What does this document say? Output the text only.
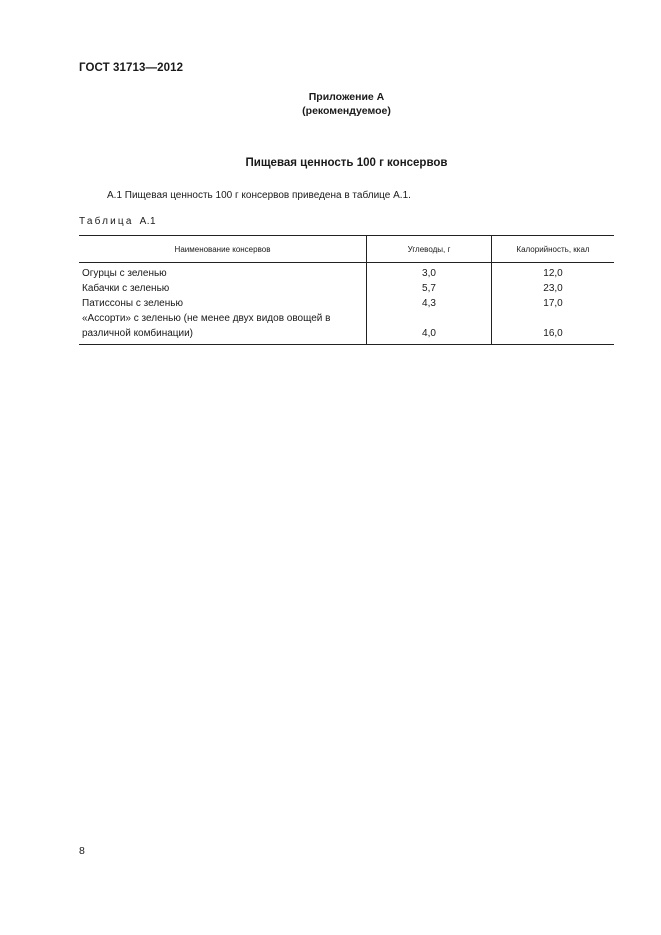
ГОСТ 31713—2012
Приложение А
(рекомендуемое)
Пищевая ценность 100 г консервов
А.1 Пищевая ценность 100 г консервов приведена в таблице А.1.
Таблица А.1
Наименование консервов	Углеводы, г	Калорийность, ккал
Огурцы с зеленью	3,0	12,0
Кабачки с зеленью	5,7	23,0
Патиссоны с зеленью	4,3	17,0
«Ассорти» с зеленью (не менее двух видов овощей в		
различной комбинации)	4,0	16,0
8
